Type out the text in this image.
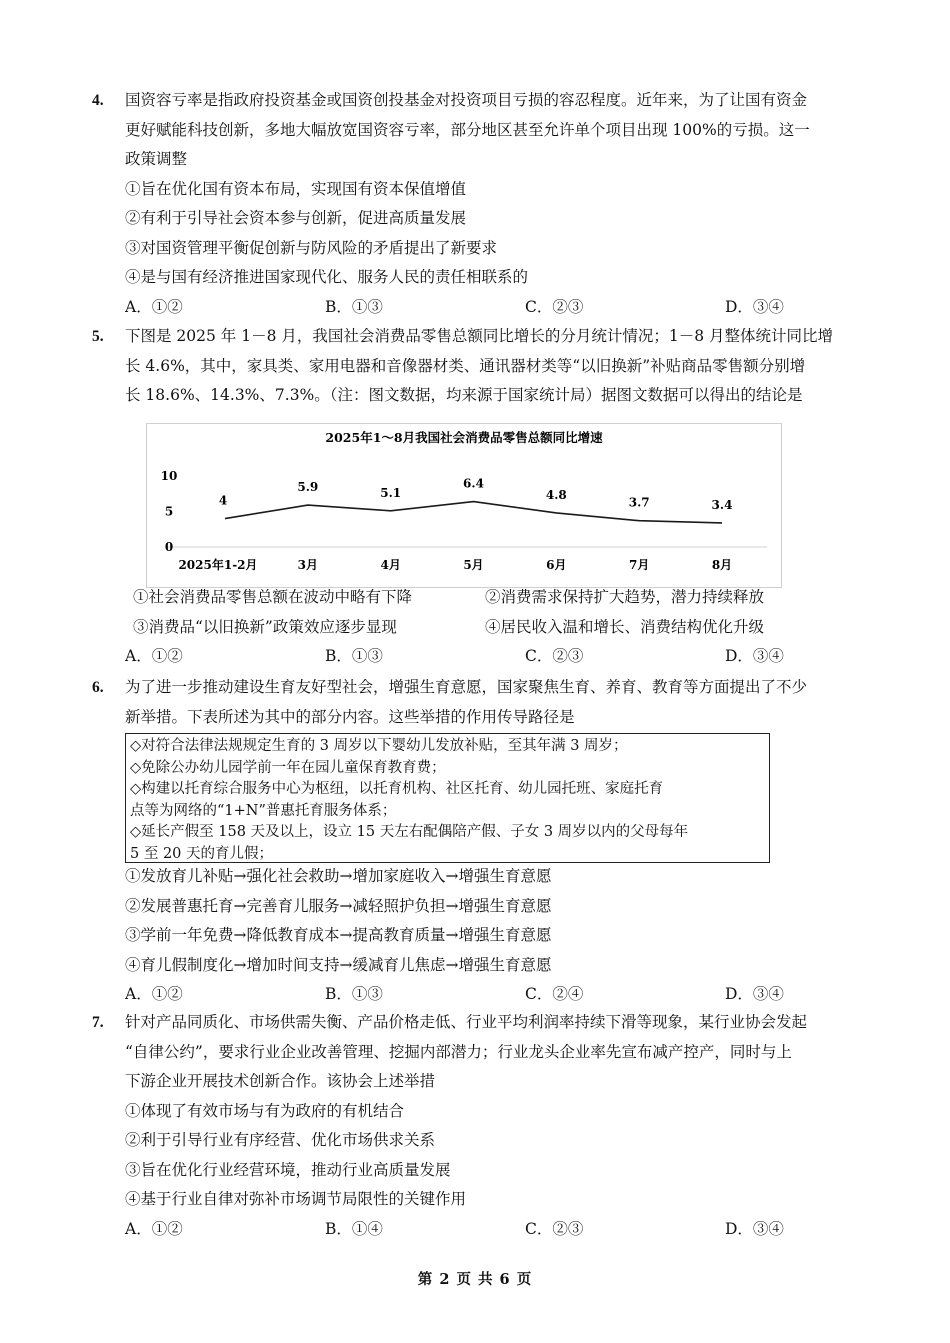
4. 国资容亏率是指政府投资基金或国资创投基金对投资项目亏损的容忍程度。近年来，为了让国有资金
更好赋能科技创新，多地大幅放宽国资容亏率，部分地区甚至允许单个项目出现 100%的亏损。这一
政策调整
①旨在优化国有资本布局，实现国有资本保值增值
②有利于引导社会资本参与创新，促进高质量发展
③对国资管理平衡促创新与防风险的矛盾提出了新要求
④是与国有经济推进国家现代化、服务人民的责任相联系的
A．①②	B．①③	C．②③	D．③④
5. 下图是 2025 年 1－8 月，我国社会消费品零售总额同比增长的分月统计情况；1－8 月整体统计同比增
长 4.6%，其中，家具类、家用电器和音像器材类、通讯器材类等“以旧换新”补贴商品零售额分别增
长 18.6%、14.3%、7.3%。（注：图文数据，均来源于国家统计局）据图文数据可以得出的结论是
2025年1～8月我国社会消费品零售总额同比增速
10
5
0
4
5.9	5.1
6.4
4.8
3.7	3.4
2025年1-2月	3月	4月	5月	6月	7月	8月
①社会消费品零售总额在波动中略有下降	②消费需求保持扩大趋势，潜力持续释放
③消费品“以旧换新”政策效应逐步显现	④居民收入温和增长、消费结构优化升级
A．①②	B．①③	C．②③	D．③④
6. 为了进一步推动建设生育友好型社会，增强生育意愿，国家聚焦生育、养育、教育等方面提出了不少
新举措。下表所述为其中的部分内容。这些举措的作用传导路径是
◇对符合法律法规规定生育的 3 周岁以下婴幼儿发放补贴，至其年满 3 周岁；
◇免除公办幼儿园学前一年在园儿童保育教育费；
◇构建以托育综合服务中心为枢纽，以托育机构、社区托育、幼儿园托班、家庭托育
点等为网络的“1+N”普惠托育服务体系；
◇延长产假至 158 天及以上，设立 15 天左右配偶陪产假、子女 3 周岁以内的父母每年
5 至 20 天的育儿假；
①发放育儿补贴→强化社会救助→增加家庭收入→增强生育意愿
②发展普惠托育→完善育儿服务→减轻照护负担→增强生育意愿
③学前一年免费→降低教育成本→提高教育质量→增强生育意愿
④育儿假制度化→增加时间支持→缓减育儿焦虑→增强生育意愿
A．①②	B．①③	C．②④	D．③④
7. 针对产品同质化、市场供需失衡、产品价格走低、行业平均利润率持续下滑等现象，某行业协会发起
“自律公约”，要求行业企业改善管理、挖掘内部潜力；行业龙头企业率先宣布减产控产，同时与上
下游企业开展技术创新合作。该协会上述举措
①体现了有效市场与有为政府的有机结合
②利于引导行业有序经营、优化市场供求关系
③旨在优化行业经营环境，推动行业高质量发展
④基于行业自律对弥补市场调节局限性的关键作用
A．①②	B．①④	C．②③	D．③④
第 2 页 共 6 页
